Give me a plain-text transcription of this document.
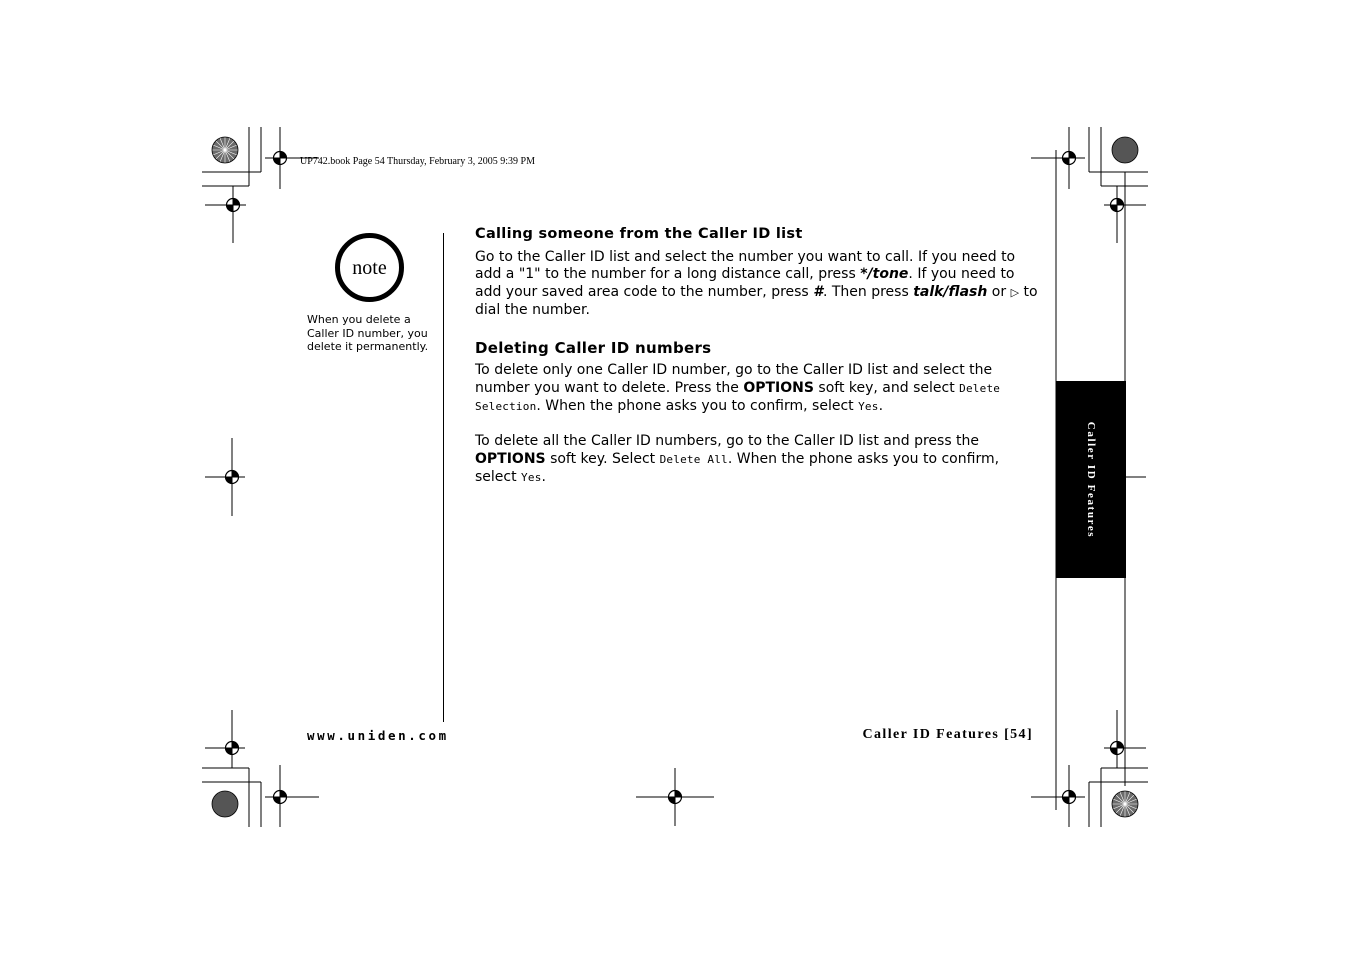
UP742.book Page 54 Thursday, February 3, 2005 9:39 PM
note
When you delete a Caller ID number, you delete it permanently.
Calling someone from the Caller ID list

Go to the Caller ID list and select the number you want to call. If you need to add a "1" to the number for a long distance call, press */tone. If you need to add your saved area code to the number, press #. Then press talk/flash or ▷ to dial the number.

Deleting Caller ID numbers

To delete only one Caller ID number, go to the Caller ID list and select the number you want to delete. Press the OPTIONS soft key, and select Delete Selection. When the phone asks you to confirm, select Yes.

To delete all the Caller ID numbers, go to the Caller ID list and press the OPTIONS soft key. Select Delete All. When the phone asks you to confirm, select Yes.	Caller ID Features
www.uniden.com	Caller ID Features [54]
